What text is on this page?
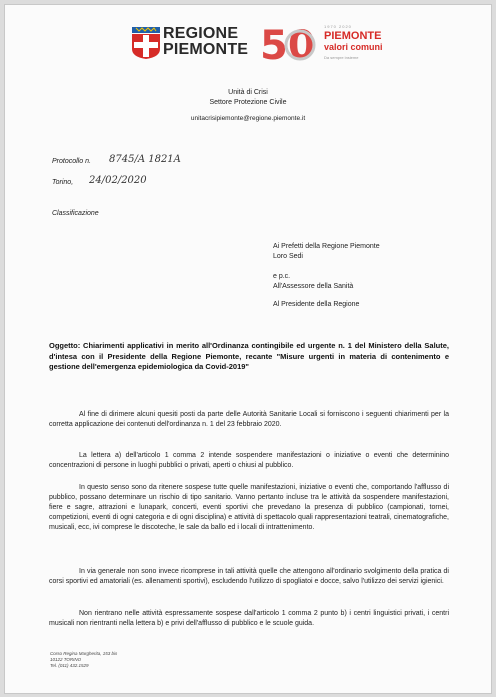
REGIONE
PIEMONTE 50 1970 2020
PIEMONTE
valori comuni
Da sempre insieme
Unità di Crisi
Settore Protezione Civile
unitacrisipiemonte@regione.piemonte.it
Protocollo n. 8745/A 1821A
Torino, 24/02/2020
Classificazione
Ai Prefetti della Regione Piemonte
Loro Sedi
e p.c.
All'Assessore della Sanità
Al Presidente della Regione
Oggetto: Chiarimenti applicativi in merito all'Ordinanza contingibile ed urgente n. 1 del Ministero della Salute, d'intesa con il Presidente della Regione Piemonte, recante "Misure urgenti in materia di contenimento e gestione dell'emergenza epidemiologica da Covid-2019"
Al fine di dirimere alcuni quesiti posti da parte delle Autorità Sanitarie Locali si forniscono i seguenti chiarimenti per la corretta applicazione dei contenuti dell'ordinanza n. 1 del 23 febbraio 2020.
La lettera a) dell'articolo 1 comma 2 intende sospendere manifestazioni o iniziative o eventi che determinino concentrazioni di persone in luoghi pubblici o privati, aperti o chiusi al pubblico.
In questo senso sono da ritenere sospese tutte quelle manifestazioni, iniziative o eventi che, comportando l'afflusso di pubblico, possano determinare un rischio di tipo sanitario. Vanno pertanto incluse tra le attività da sospendere manifestazioni, fiere e sagre, attrazioni e lunapark, concerti, eventi sportivi che prevedano la presenza di pubblico (campionati, tornei, competizioni, eventi di ogni categoria e di ogni disciplina) e attività di spettacolo quali rappresentazioni teatrali, cinematografiche, musicali, ecc, ivi comprese le discoteche, le sale da ballo ed i locali di intrattenimento.
In via generale non sono invece ricomprese in tali attività quelle che attengono all'ordinario svolgimento della pratica di corsi sportivi ed amatoriali (es. allenamenti sportivi), escludendo l'utilizzo di spogliatoi e docce, salvo l'utilizzo dei servizi igienici.
Non rientrano nelle attività espressamente sospese dall'articolo 1 comma 2 punto b) i centri linguistici privati, i centri musicali non rientranti nella lettera b) e privi dell'afflusso di pubblico e le scuole guida.
Corso Regina Margherita, 153 bis
10122 TORINO
Tel. (011) 432.1529
